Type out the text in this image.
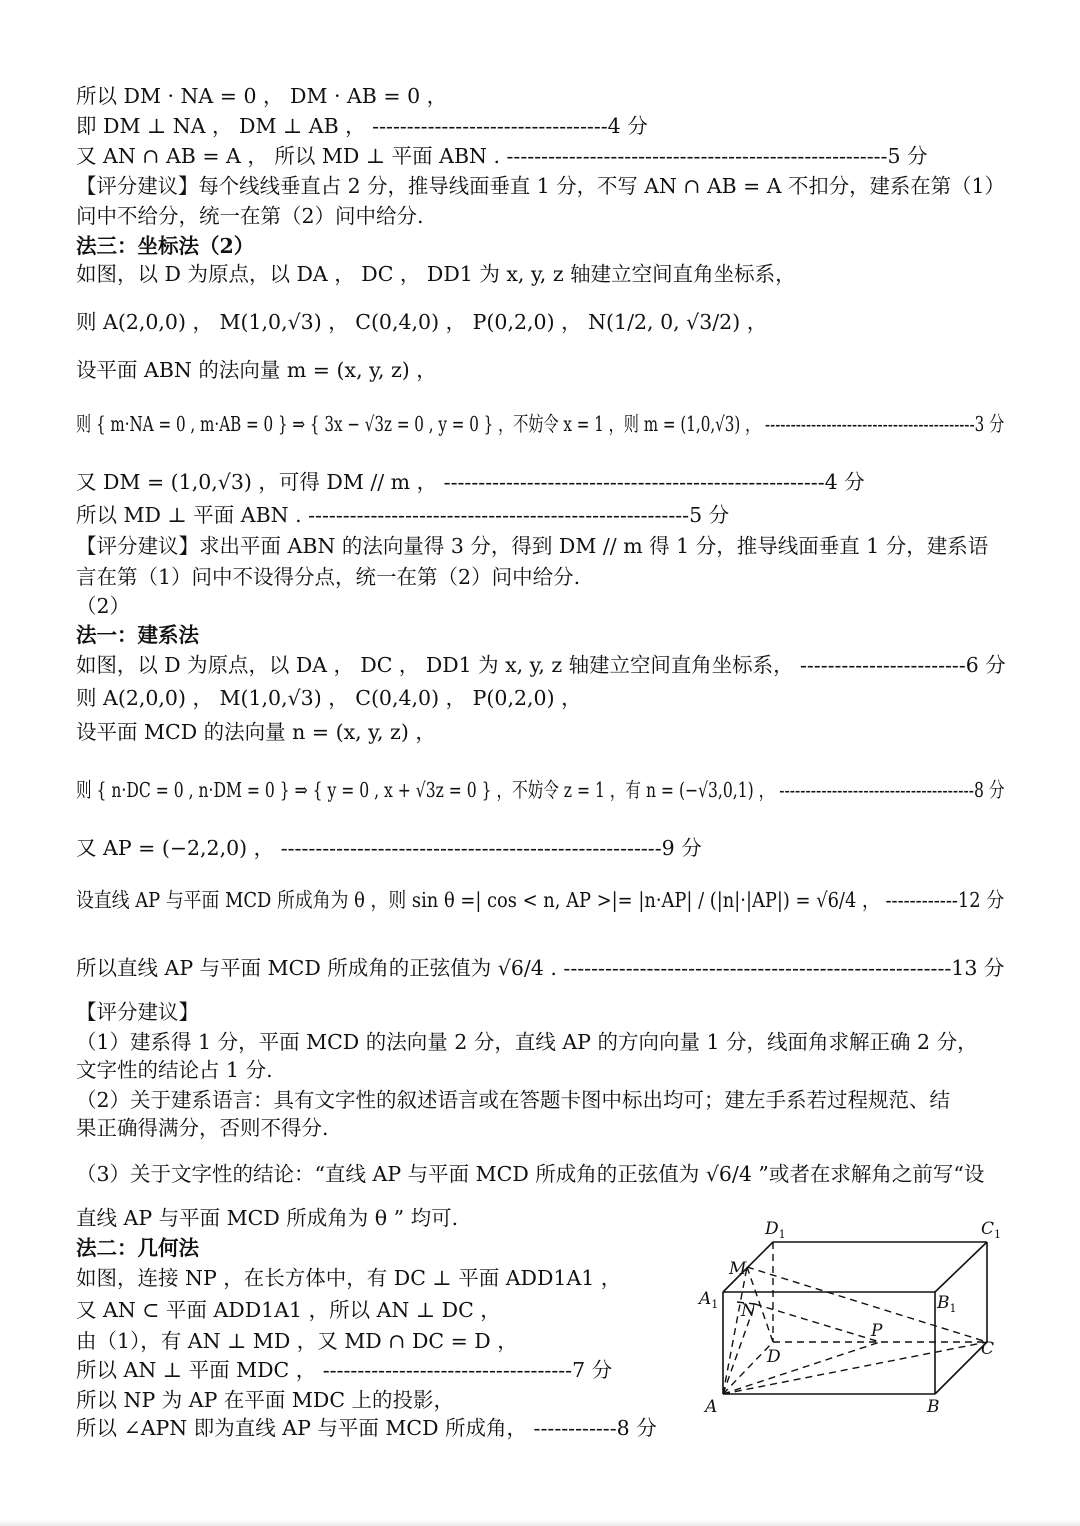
所以 DM · NA = 0 ， DM · AB = 0 ，
即 DM ⊥ NA ， DM ⊥ AB ， ----------------------------------4 分
又 AN ∩ AB = A ， 所以 MD ⊥ 平面 ABN . -------------------------------------------------------5 分
【评分建议】每个线线垂直占 2 分，推导线面垂直 1 分，不写 AN ∩ AB = A 不扣分，建系在第（1）
问中不给分，统一在第（2）问中给分.
法三：坐标法（2）
如图，以 D 为原点，以 DA ， DC ， DD1 为 x, y, z 轴建立空间直角坐标系，
则 A(2,0,0) ， M(1,0,√3) ， C(0,4,0) ， P(0,2,0) ， N(1/2, 0, √3/2) ，
设平面 ABN 的法向量 m = (x, y, z) ，
则 { m·NA = 0 , m·AB = 0 } ⇒ { 3x − √3z = 0 , y = 0 } ，不妨令 x = 1 ，则 m = (1,0,√3) ， -----------------------------------------3 分
又 DM = (1,0,√3) ，可得 DM // m ， -------------------------------------------------------4 分
所以 MD ⊥ 平面 ABN . -------------------------------------------------------5 分
【评分建议】求出平面 ABN 的法向量得 3 分，得到 DM // m 得 1 分，推导线面垂直 1 分，建系语
言在第（1）问中不设得分点，统一在第（2）问中给分.
（2）
法一：建系法
如图，以 D 为原点，以 DA ， DC ， DD1 为 x, y, z 轴建立空间直角坐标系， ------------------------6 分
则 A(2,0,0) ， M(1,0,√3) ， C(0,4,0) ， P(0,2,0) ，
设平面 MCD 的法向量 n = (x, y, z) ，
则 { n·DC = 0 , n·DM = 0 } ⇒ { y = 0 , x + √3z = 0 } ，不妨令 z = 1 ，有 n = (−√3,0,1) ， -------------------------------------8 分
又 AP = (−2,2,0) ， -------------------------------------------------------9 分
设直线 AP 与平面 MCD 所成角为 θ ，则 sin θ =| cos < n, AP >|= |n·AP| / (|n|·|AP|) = √6/4 ， ------------12 分
所以直线 AP 与平面 MCD 所成角的正弦值为 √6/4 . --------------------------------------------------------13 分
【评分建议】
（1）建系得 1 分，平面 MCD 的法向量 2 分，直线 AP 的方向向量 1 分，线面角求解正确 2 分，
文字性的结论占 1 分.
（2）关于建系语言：具有文字性的叙述语言或在答题卡图中标出均可；建左手系若过程规范、结
果正确得满分，否则不得分.
（3）关于文字性的结论：“直线 AP 与平面 MCD 所成角的正弦值为 √6/4 ”或者在求解角之前写“设
直线 AP 与平面 MCD 所成角为 θ ” 均可.
法二：几何法
如图，连接 NP ，在长方体中，有 DC ⊥ 平面 ADD1A1 ，
又 AN ⊂ 平面 ADD1A1 ，所以 AN ⊥ DC ，
由（1），有 AN ⊥ MD ，又 MD ∩ DC = D ，
所以 AN ⊥ 平面 MDC ， ------------------------------------7 分
所以 NP 为 AP 在平面 MDC 上的投影，
所以 ∠APN 即为直线 AP 与平面 MCD 所成角， ------------8 分
$D_1$	$C_1$
M
$A_1$ N	$B_1$
P
D	C
A	B
